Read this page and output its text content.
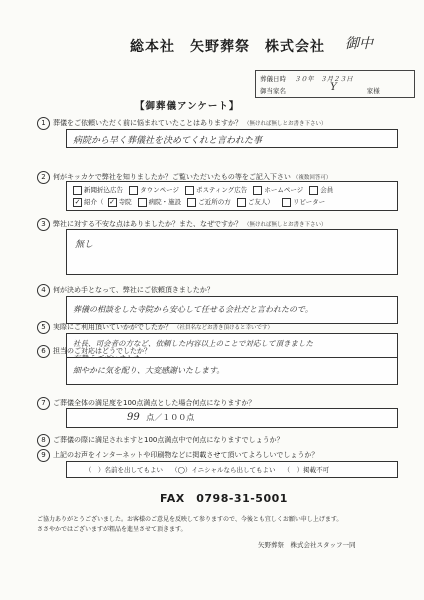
総本社　矢野葬祭　株式会社 御中
葬儀日時 ３０年　３月２３日
御当家名	Y	家様
【御葬儀アンケート】
1 葬儀をご依頼いただく前に悩まれていたことはありますか？ （無ければ無しとお書き下さい）
病院から早く葬儀社を決めてくれと言われた事
2 何がキッカケで弊社を知りましたか？ご覧いただいたもの等をご記入下さい （複数回答可）
新聞折込広告	タウンページ	ポスティング広告	ホームページ	会員
✓ 紹介（ ✓ 寺院	病院・施設	ご近所の方	ご友人）	リピーター
3 弊社に対する不安な点はありましたか？また、なぜですか？ （無ければ無しとお書き下さい）
無し
4 何が決め手となって、弊社にご依頼頂きましたか？
葬儀の相談をした寺院から安心して任せる会社だと言われたので。
5 実際にご利用頂いていかがでしたか？ （社員名などお書き頂けると幸いです）
社長、司会者の方など、依頼した内容以上のことで対応して頂きました
6 担当のご対応はどうでしたか？
細やかに気を配り、大変感謝いたします。
7 ご葬儀全体の満足度を100点満点とした場合何点になりますか？
99 点／１００点
8 ご葬儀の際に満足されますと100点満点中で何点になりますでしょうか？
9 上記のお声をインターネットや印刷物などに掲載させて頂いてよろしいでしょうか？
（　）名前を出してもよい （◯）イニシャルなら出してもよい （　）掲載不可
FAX　0798-31-5001
ご協力ありがとうございました。お客様のご意見を反映して参りますので、今後とも宜しくお願い申し上げます。
ささやかではございますが粗品を進呈させて頂きます。
矢野葬祭　株式会社スタッフ一同
